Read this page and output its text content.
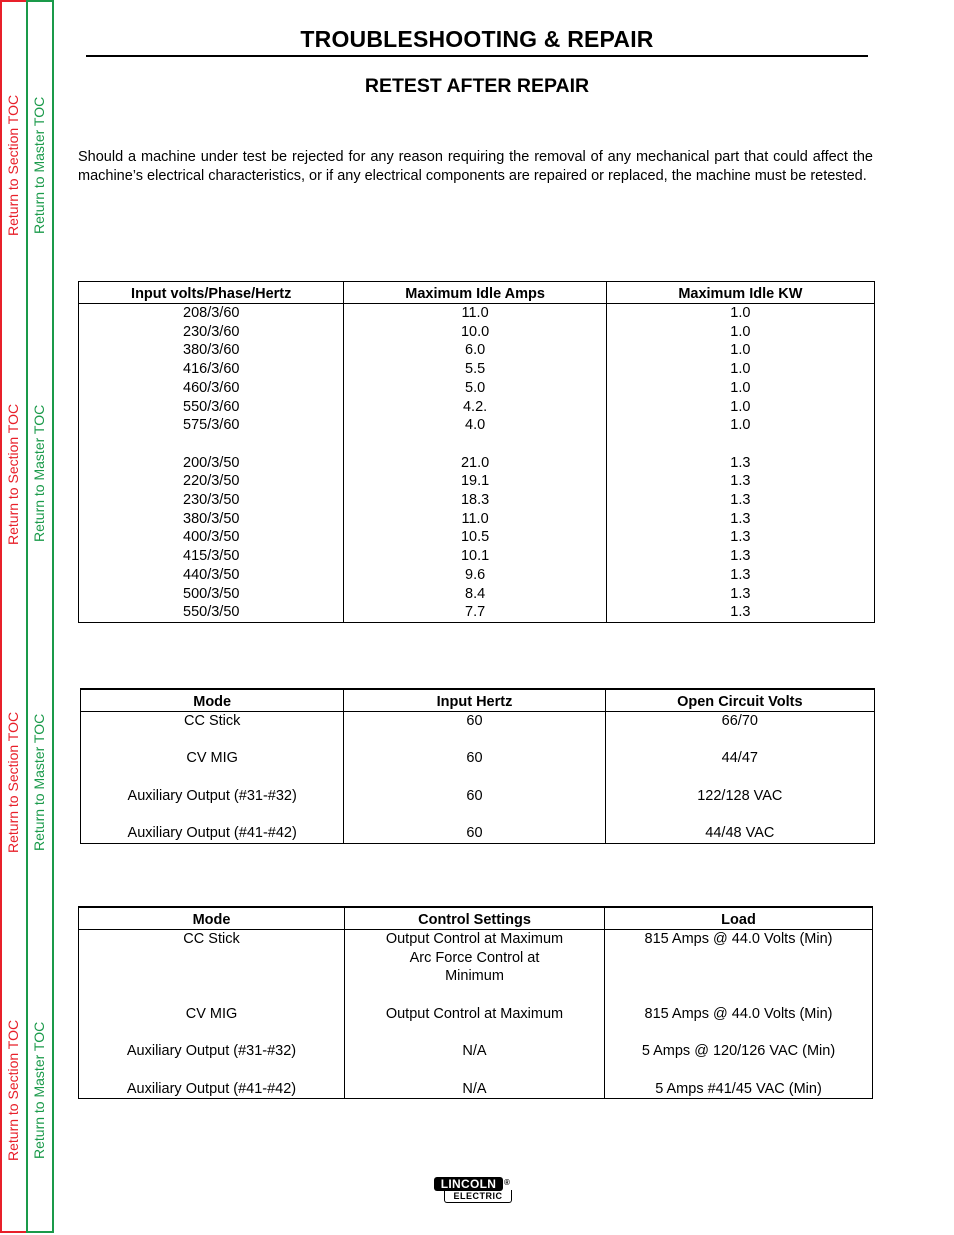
Return to Section TOC Return to Master TOC
Return to Section TOC Return to Master TOC
Return to Section TOC Return to Master TOC
Return to Section TOC Return to Master TOC
TROUBLESHOOTING & REPAIR
RETEST AFTER REPAIR
Should a machine under test be rejected for any reason requiring the removal of any mechanical part that could affect the machine’s electrical characteristics, or if any electrical components are repaired or replaced, the machine must be retested.
Input volts/Phase/Hertz	Maximum Idle Amps	Maximum Idle KW
208/3/60	11.0	1.0
230/3/60	10.0	1.0
380/3/60	6.0	1.0
416/3/60	5.5	1.0
460/3/60	5.0	1.0
550/3/60	4.2.	1.0
575/3/60	4.0	1.0

200/3/50	21.0	1.3
220/3/50	19.1	1.3
230/3/50	18.3	1.3
380/3/50	11.0	1.3
400/3/50	10.5	1.3
415/3/50	10.1	1.3
440/3/50	9.6	1.3
500/3/50	8.4	1.3
550/3/50	7.7	1.3
Mode	Input Hertz	Open Circuit Volts
CC Stick	60	66/70

CV MIG	60	44/47

Auxiliary Output (#31-#32)	60	122/128 VAC

Auxiliary Output (#41-#42)	60	44/48 VAC
Mode	Control Settings	Load
CC Stick	Output Control at Maximum	815 Amps @ 44.0 Volts (Min)
	Arc Force Control at	
	Minimum	

CV MIG	Output Control at Maximum	815 Amps @ 44.0 Volts (Min)

Auxiliary Output (#31-#32)	N/A	5 Amps @ 120/126 VAC (Min)

Auxiliary Output (#41-#42)	N/A	5 Amps #41/45 VAC (Min)
LINCOLN
ELECTRIC
®
